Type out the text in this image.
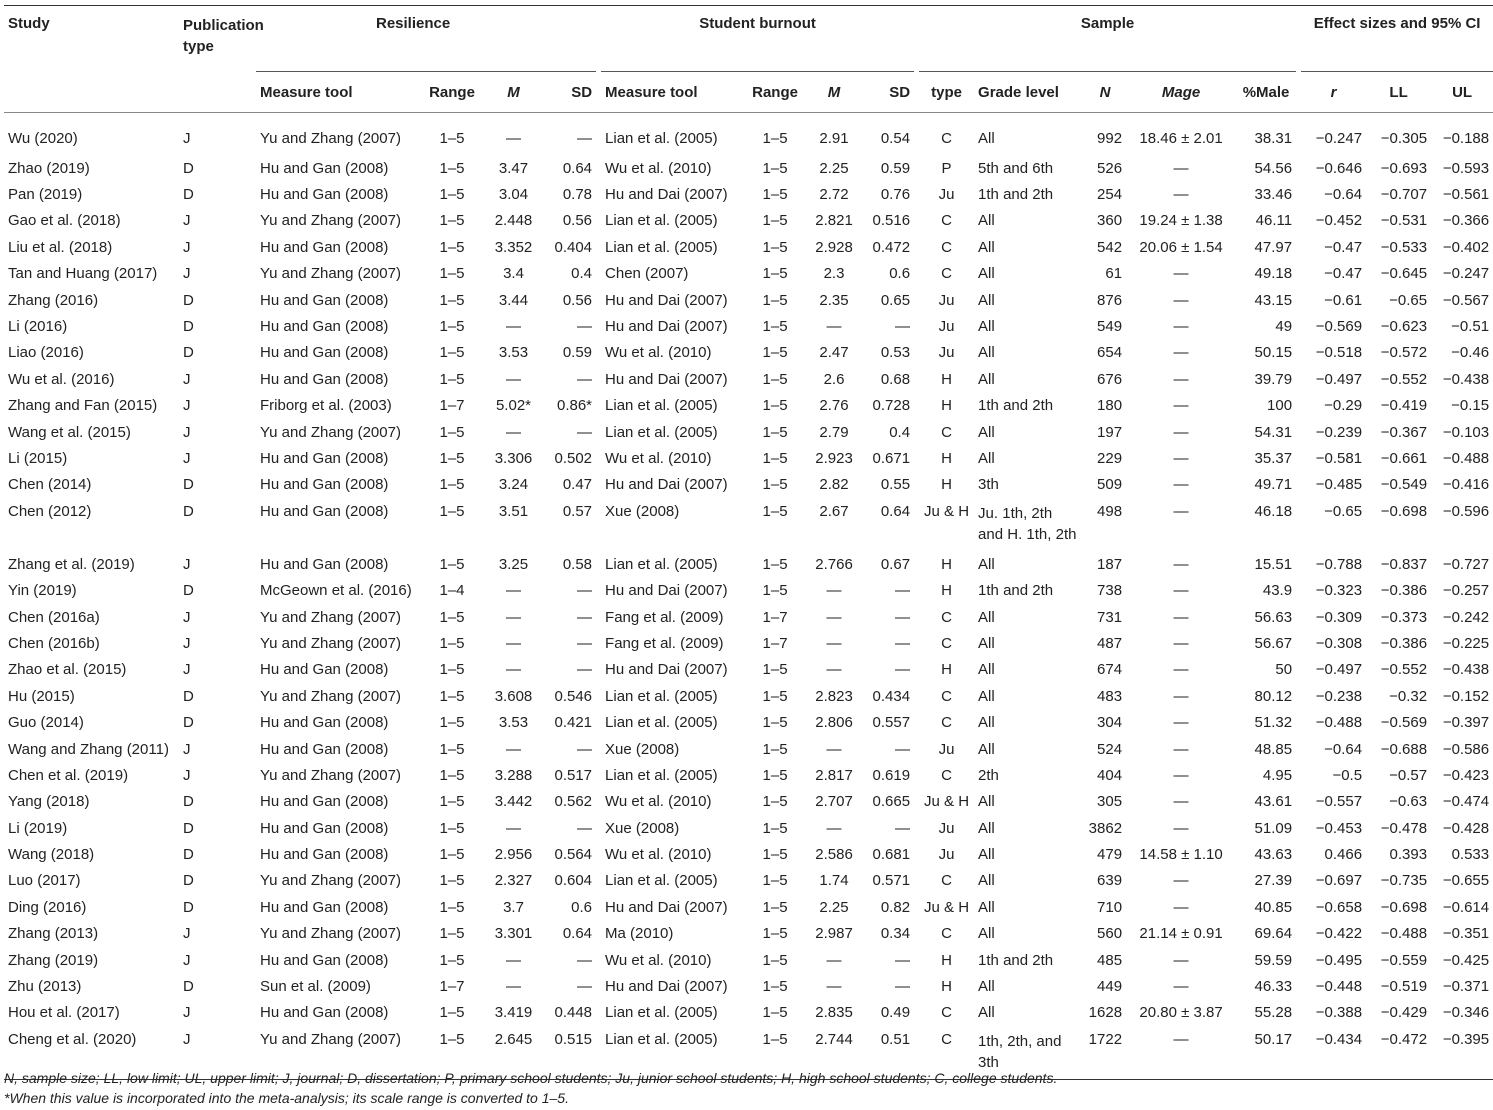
Study	Publication type	Resilience					Student burnout					Sample						Effect sizes and 95% CI		
		Measure tool	Range	M	SD		Measure tool	Range	M	SD		type	Grade level	N	Mage	%Male		r	LL	UL
Wu (2020)	J	Yu and Zhang (2007)	1–5	—	—		Lian et al. (2005)	1–5	2.91	0.54		C	All	992	18.46 ± 2.01	38.31		−0.247	−0.305	−0.188
Zhao (2019)	D	Hu and Gan (2008)	1–5	3.47	0.64		Wu et al. (2010)	1–5	2.25	0.59		P	5th and 6th	526	—	54.56		−0.646	−0.693	−0.593
Pan (2019)	D	Hu and Gan (2008)	1–5	3.04	0.78		Hu and Dai (2007)	1–5	2.72	0.76		Ju	1th and 2th	254	—	33.46		−0.64	−0.707	−0.561
Gao et al. (2018)	J	Yu and Zhang (2007)	1–5	2.448	0.56		Lian et al. (2005)	1–5	2.821	0.516		C	All	360	19.24 ± 1.38	46.11		−0.452	−0.531	−0.366
Liu et al. (2018)	J	Hu and Gan (2008)	1–5	3.352	0.404		Lian et al. (2005)	1–5	2.928	0.472		C	All	542	20.06 ± 1.54	47.97		−0.47	−0.533	−0.402
Tan and Huang (2017)	J	Yu and Zhang (2007)	1–5	3.4	0.4		Chen (2007)	1–5	2.3	0.6		C	All	61	—	49.18		−0.47	−0.645	−0.247
Zhang (2016)	D	Hu and Gan (2008)	1–5	3.44	0.56		Hu and Dai (2007)	1–5	2.35	0.65		Ju	All	876	—	43.15		−0.61	−0.65	−0.567
Li (2016)	D	Hu and Gan (2008)	1–5	—	—		Hu and Dai (2007)	1–5	—	—		Ju	All	549	—	49		−0.569	−0.623	−0.51
Liao (2016)	D	Hu and Gan (2008)	1–5	3.53	0.59		Wu et al. (2010)	1–5	2.47	0.53		Ju	All	654	—	50.15		−0.518	−0.572	−0.46
Wu et al. (2016)	J	Hu and Gan (2008)	1–5	—	—		Hu and Dai (2007)	1–5	2.6	0.68		H	All	676	—	39.79		−0.497	−0.552	−0.438
Zhang and Fan (2015)	J	Friborg et al. (2003)	1–7	5.02*	0.86*		Lian et al. (2005)	1–5	2.76	0.728		H	1th and 2th	180	—	100		−0.29	−0.419	−0.15
Wang et al. (2015)	J	Yu and Zhang (2007)	1–5	—	—		Lian et al. (2005)	1–5	2.79	0.4		C	All	197	—	54.31		−0.239	−0.367	−0.103
Li (2015)	J	Hu and Gan (2008)	1–5	3.306	0.502		Wu et al. (2010)	1–5	2.923	0.671		H	All	229	—	35.37		−0.581	−0.661	−0.488
Chen (2014)	D	Hu and Gan (2008)	1–5	3.24	0.47		Hu and Dai (2007)	1–5	2.82	0.55		H	3th	509	—	49.71		−0.485	−0.549	−0.416
Chen (2012)	D	Hu and Gan (2008)	1–5	3.51	0.57		Xue (2008)	1–5	2.67	0.64		Ju & H	Ju. 1th, 2th and H. 1th, 2th	498	—	46.18		−0.65	−0.698	−0.596
Zhang et al. (2019)	J	Hu and Gan (2008)	1–5	3.25	0.58		Lian et al. (2005)	1–5	2.766	0.67		H	All	187	—	15.51		−0.788	−0.837	−0.727
Yin (2019)	D	McGeown et al. (2016)	1–4	—	—		Hu and Dai (2007)	1–5	—	—		H	1th and 2th	738	—	43.9		−0.323	−0.386	−0.257
Chen (2016a)	J	Yu and Zhang (2007)	1–5	—	—		Fang et al. (2009)	1–7	—	—		C	All	731	—	56.63		−0.309	−0.373	−0.242
Chen (2016b)	J	Yu and Zhang (2007)	1–5	—	—		Fang et al. (2009)	1–7	—	—		C	All	487	—	56.67		−0.308	−0.386	−0.225
Zhao et al. (2015)	J	Hu and Gan (2008)	1–5	—	—		Hu and Dai (2007)	1–5	—	—		H	All	674	—	50		−0.497	−0.552	−0.438
Hu (2015)	D	Yu and Zhang (2007)	1–5	3.608	0.546		Lian et al. (2005)	1–5	2.823	0.434		C	All	483	—	80.12		−0.238	−0.32	−0.152
Guo (2014)	D	Hu and Gan (2008)	1–5	3.53	0.421		Lian et al. (2005)	1–5	2.806	0.557		C	All	304	—	51.32		−0.488	−0.569	−0.397
Wang and Zhang (2011)	J	Hu and Gan (2008)	1–5	—	—		Xue (2008)	1–5	—	—		Ju	All	524	—	48.85		−0.64	−0.688	−0.586
Chen et al. (2019)	J	Yu and Zhang (2007)	1–5	3.288	0.517		Lian et al. (2005)	1–5	2.817	0.619		C	2th	404	—	4.95		−0.5	−0.57	−0.423
Yang (2018)	D	Hu and Gan (2008)	1–5	3.442	0.562		Wu et al. (2010)	1–5	2.707	0.665		Ju & H	All	305	—	43.61		−0.557	−0.63	−0.474
Li (2019)	D	Hu and Gan (2008)	1–5	—	—		Xue (2008)	1–5	—	—		Ju	All	3862	—	51.09		−0.453	−0.478	−0.428
Wang (2018)	D	Hu and Gan (2008)	1–5	2.956	0.564		Wu et al. (2010)	1–5	2.586	0.681		Ju	All	479	14.58 ± 1.10	43.63		0.466	0.393	0.533
Luo (2017)	D	Yu and Zhang (2007)	1–5	2.327	0.604		Lian et al. (2005)	1–5	1.74	0.571		C	All	639	—	27.39		−0.697	−0.735	−0.655
Ding (2016)	D	Hu and Gan (2008)	1–5	3.7	0.6		Hu and Dai (2007)	1–5	2.25	0.82		Ju & H	All	710	—	40.85		−0.658	−0.698	−0.614
Zhang (2013)	J	Yu and Zhang (2007)	1–5	3.301	0.64		Ma (2010)	1–5	2.987	0.34		C	All	560	21.14 ± 0.91	69.64		−0.422	−0.488	−0.351
Zhang (2019)	J	Hu and Gan (2008)	1–5	—	—		Wu et al. (2010)	1–5	—	—		H	1th and 2th	485	—	59.59		−0.495	−0.559	−0.425
Zhu (2013)	D	Sun et al. (2009)	1–7	—	—		Hu and Dai (2007)	1–5	—	—		H	All	449	—	46.33		−0.448	−0.519	−0.371
Hou et al. (2017)	J	Hu and Gan (2008)	1–5	3.419	0.448		Lian et al. (2005)	1–5	2.835	0.49		C	All	1628	20.80 ± 3.87	55.28		−0.388	−0.429	−0.346
Cheng et al. (2020)	J	Yu and Zhang (2007)	1–5	2.645	0.515		Lian et al. (2005)	1–5	2.744	0.51		C	1th, 2th, and 3th	1722	—	50.17		−0.434	−0.472	−0.395
N, sample size; LL, low limit; UL, upper limit; J, journal; D, dissertation; P, primary school students; Ju, junior school students; H, high school students; C, college students.
*When this value is incorporated into the meta-analysis; its scale range is converted to 1–5.
